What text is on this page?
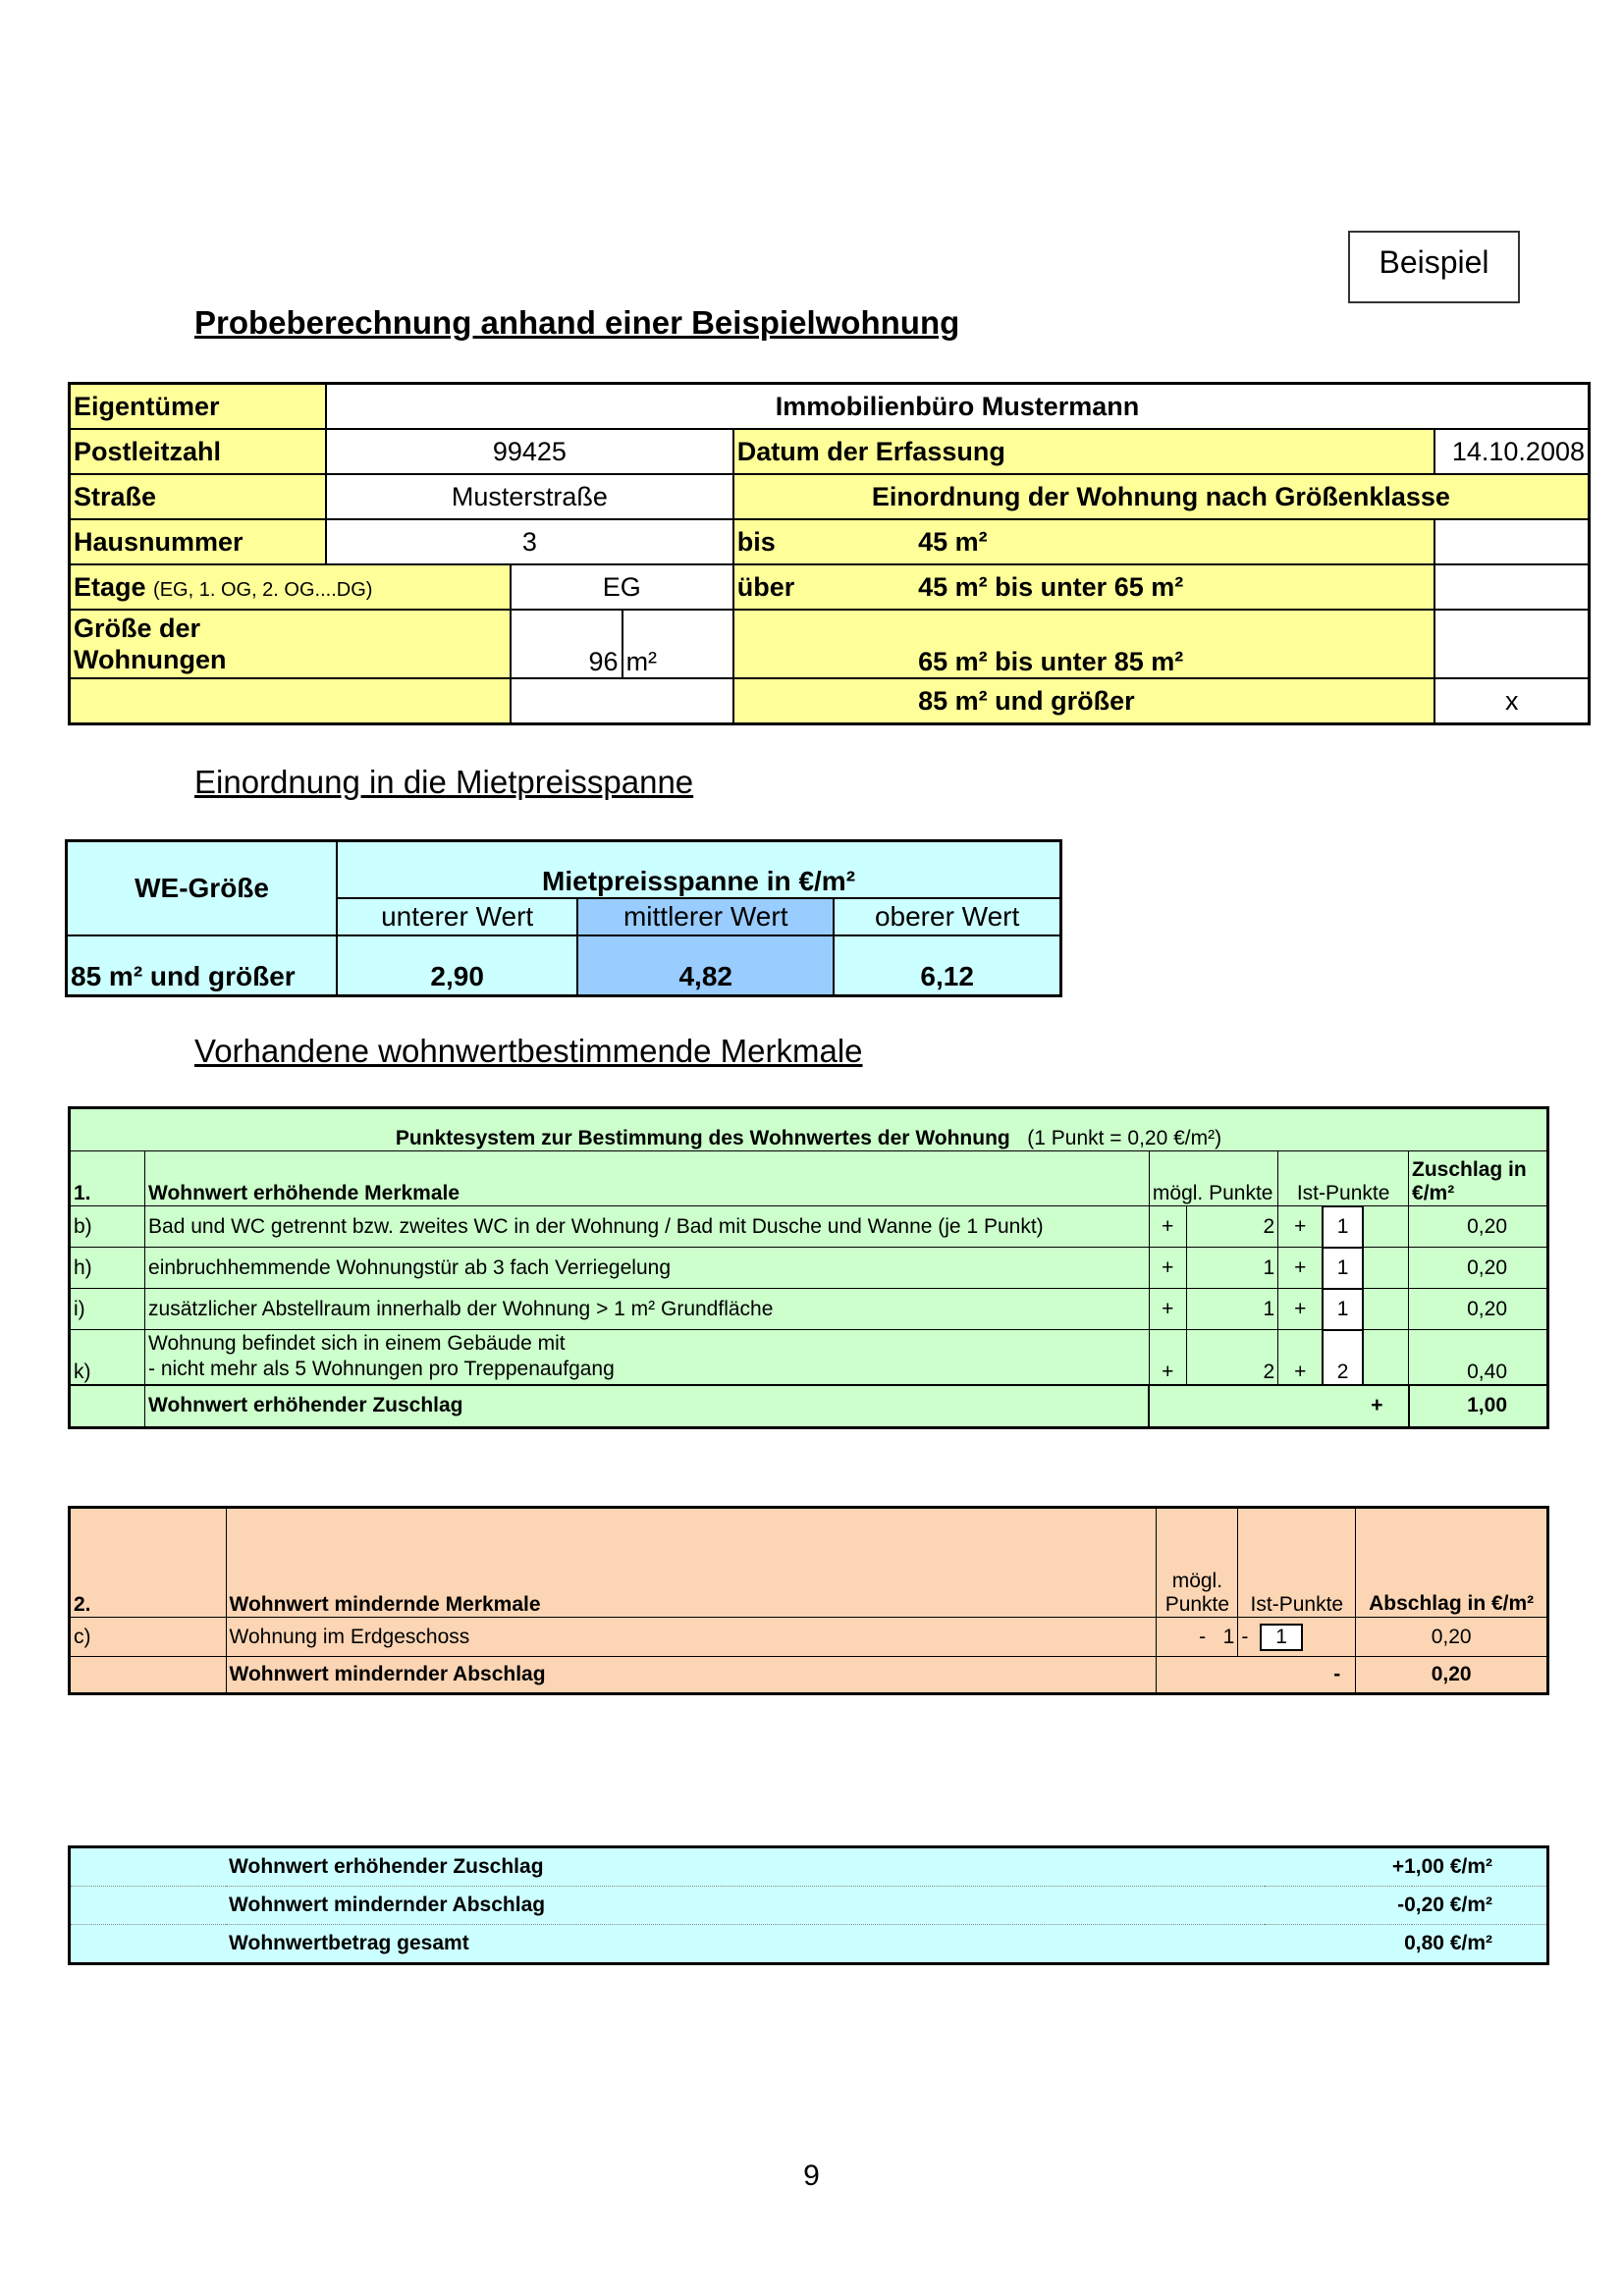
Beispiel
Probeberechnung anhand einer Beispielwohnung
Eigentümer	Immobilienbüro Mustermann					
Postleitzahl	99425			Datum der Erfassung		14.10.2008
Straße	Musterstraße			Einordnung der Wohnung nach Größenklasse		
Hausnummer	3			bis	45 m²	
Etage (EG, 1. OG, 2. OG....DG)		EG		über	45 m² bis unter 65 m²	
Größe der
Wohnungen		96	m²		65 m² bis unter 85 m²	
					85 m² und größer	x
Einordnung in die Mietpreisspanne
WE-Größe	Mietpreisspanne in €/m²		
	unterer Wert	mittlerer Wert	oberer Wert
85 m² und größer	2,90	4,82	6,12
Vorhandene wohnwertbestimmende Merkmale
Punktesystem zur Bestimmung des Wohnwertes der Wohnung (1 Punkt = 0,20 €/m²)							
1.	Wohnwert erhöhende Merkmale	mögl. Punkte		Ist-Punkte			Zuschlag in €/m²
b)	Bad und WC getrennt bzw. zweites WC in der Wohnung / Bad mit Dusche und Wanne (je 1 Punkt)	+	2	+	1		0,20
h)	einbruchhemmende Wohnungstür ab 3 fach Verriegelung	+	1	+	1		0,20
i)	zusätzlicher Abstellraum innerhalb der Wohnung > 1 m² Grundfläche	+	1	+	1		0,20
k)	Wohnung befindet sich in einem Gebäude mit
- nicht mehr als 5 Wohnungen pro Treppenaufgang	+	2	+	2		0,40
	Wohnwert erhöhender Zuschlag	+					1,00
2.	Wohnwert mindernde Merkmale	mögl. Punkte	Ist-Punkte	Abschlag in €/m²
c)	Wohnung im Erdgeschoss	- 1	- 1	0,20
	Wohnwert mindernder Abschlag	-		0,20
	Wohnwert erhöhender Zuschlag	+1,00 €/m²
	Wohnwert mindernder Abschlag	-0,20 €/m²
	Wohnwertbetrag gesamt	0,80 €/m²
9
